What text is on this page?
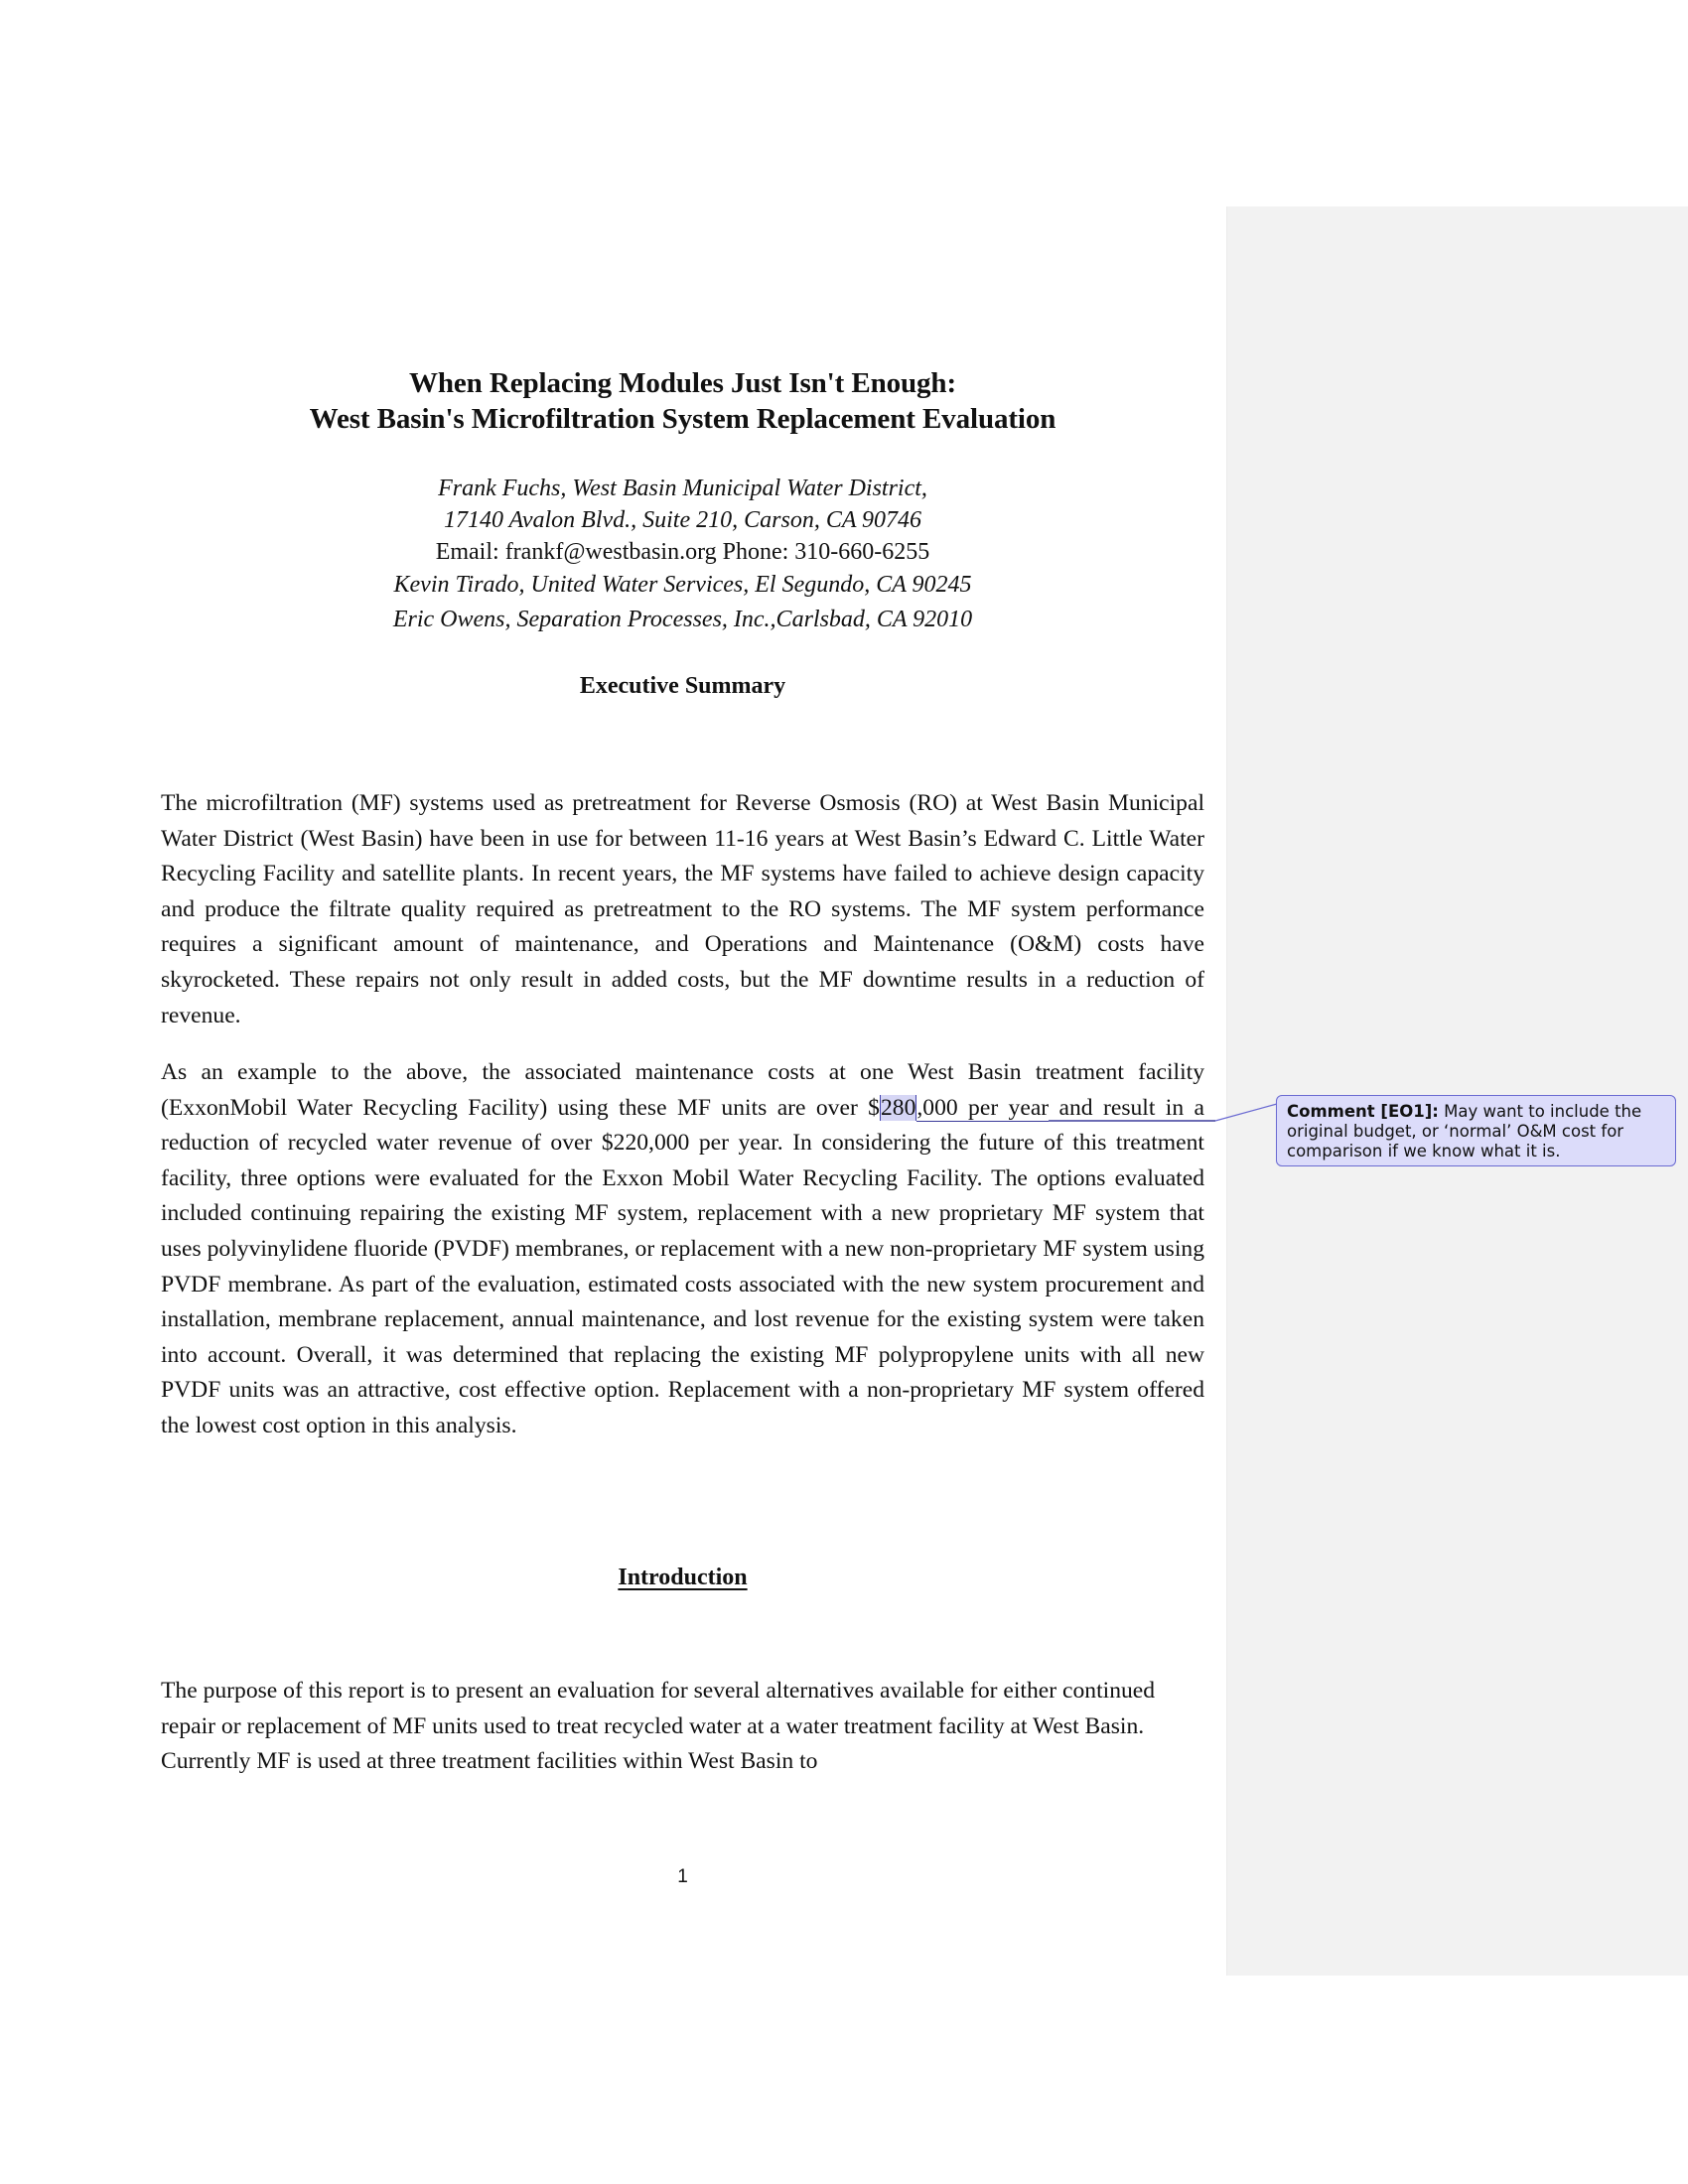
When Replacing Modules Just Isn't Enough:
West Basin's Microfiltration System Replacement Evaluation
Frank Fuchs, West Basin Municipal Water District,
17140 Avalon Blvd., Suite 210, Carson, CA 90746
Email: frankf@westbasin.org Phone: 310-660-6255
Kevin Tirado, United Water Services, El Segundo, CA 90245
Eric Owens, Separation Processes, Inc.,Carlsbad, CA 92010
Executive Summary

The microfiltration (MF) systems used as pretreatment for Reverse Osmosis (RO) at West Basin Municipal Water District (West Basin) have been in use for between 11-16 years at West Basin’s Edward C. Little Water Recycling Facility and satellite plants. In recent years, the MF systems have failed to achieve design capacity and produce the filtrate quality required as pretreatment to the RO systems. The MF system performance requires a significant amount of maintenance, and Operations and Maintenance (O&M) costs have skyrocketed. These repairs not only result in added costs, but the MF downtime results in a reduction of revenue.

As an example to the above, the associated maintenance costs at one West Basin treatment facility (ExxonMobil Water Recycling Facility) using these MF units are over $280,000 per year and result in a reduction of recycled water revenue of over $220,000 per year. In considering the future of this treatment facility, three options were evaluated for the Exxon Mobil Water Recycling Facility. The options evaluated included continuing repairing the existing MF system, replacement with a new proprietary MF system that uses polyvinylidene fluoride (PVDF) membranes, or replacement with a new non-proprietary MF system using PVDF membrane. As part of the evaluation, estimated costs associated with the new system procurement and installation, membrane replacement, annual maintenance, and lost revenue for the existing system were taken into account. Overall, it was determined that replacing the existing MF polypropylene units with all new PVDF units was an attractive, cost effective option. Replacement with a non-proprietary MF system offered the lowest cost option in this analysis.

Introduction

The purpose of this report is to present an evaluation for several alternatives available for either continued repair or replacement of MF units used to treat recycled water at a water treatment facility at West Basin. Currently MF is used at three treatment facilities within West Basin to

Comment [EO1]: May want to include the original budget, or ‘normal’ O&M cost for comparison if we know what it is.
1
